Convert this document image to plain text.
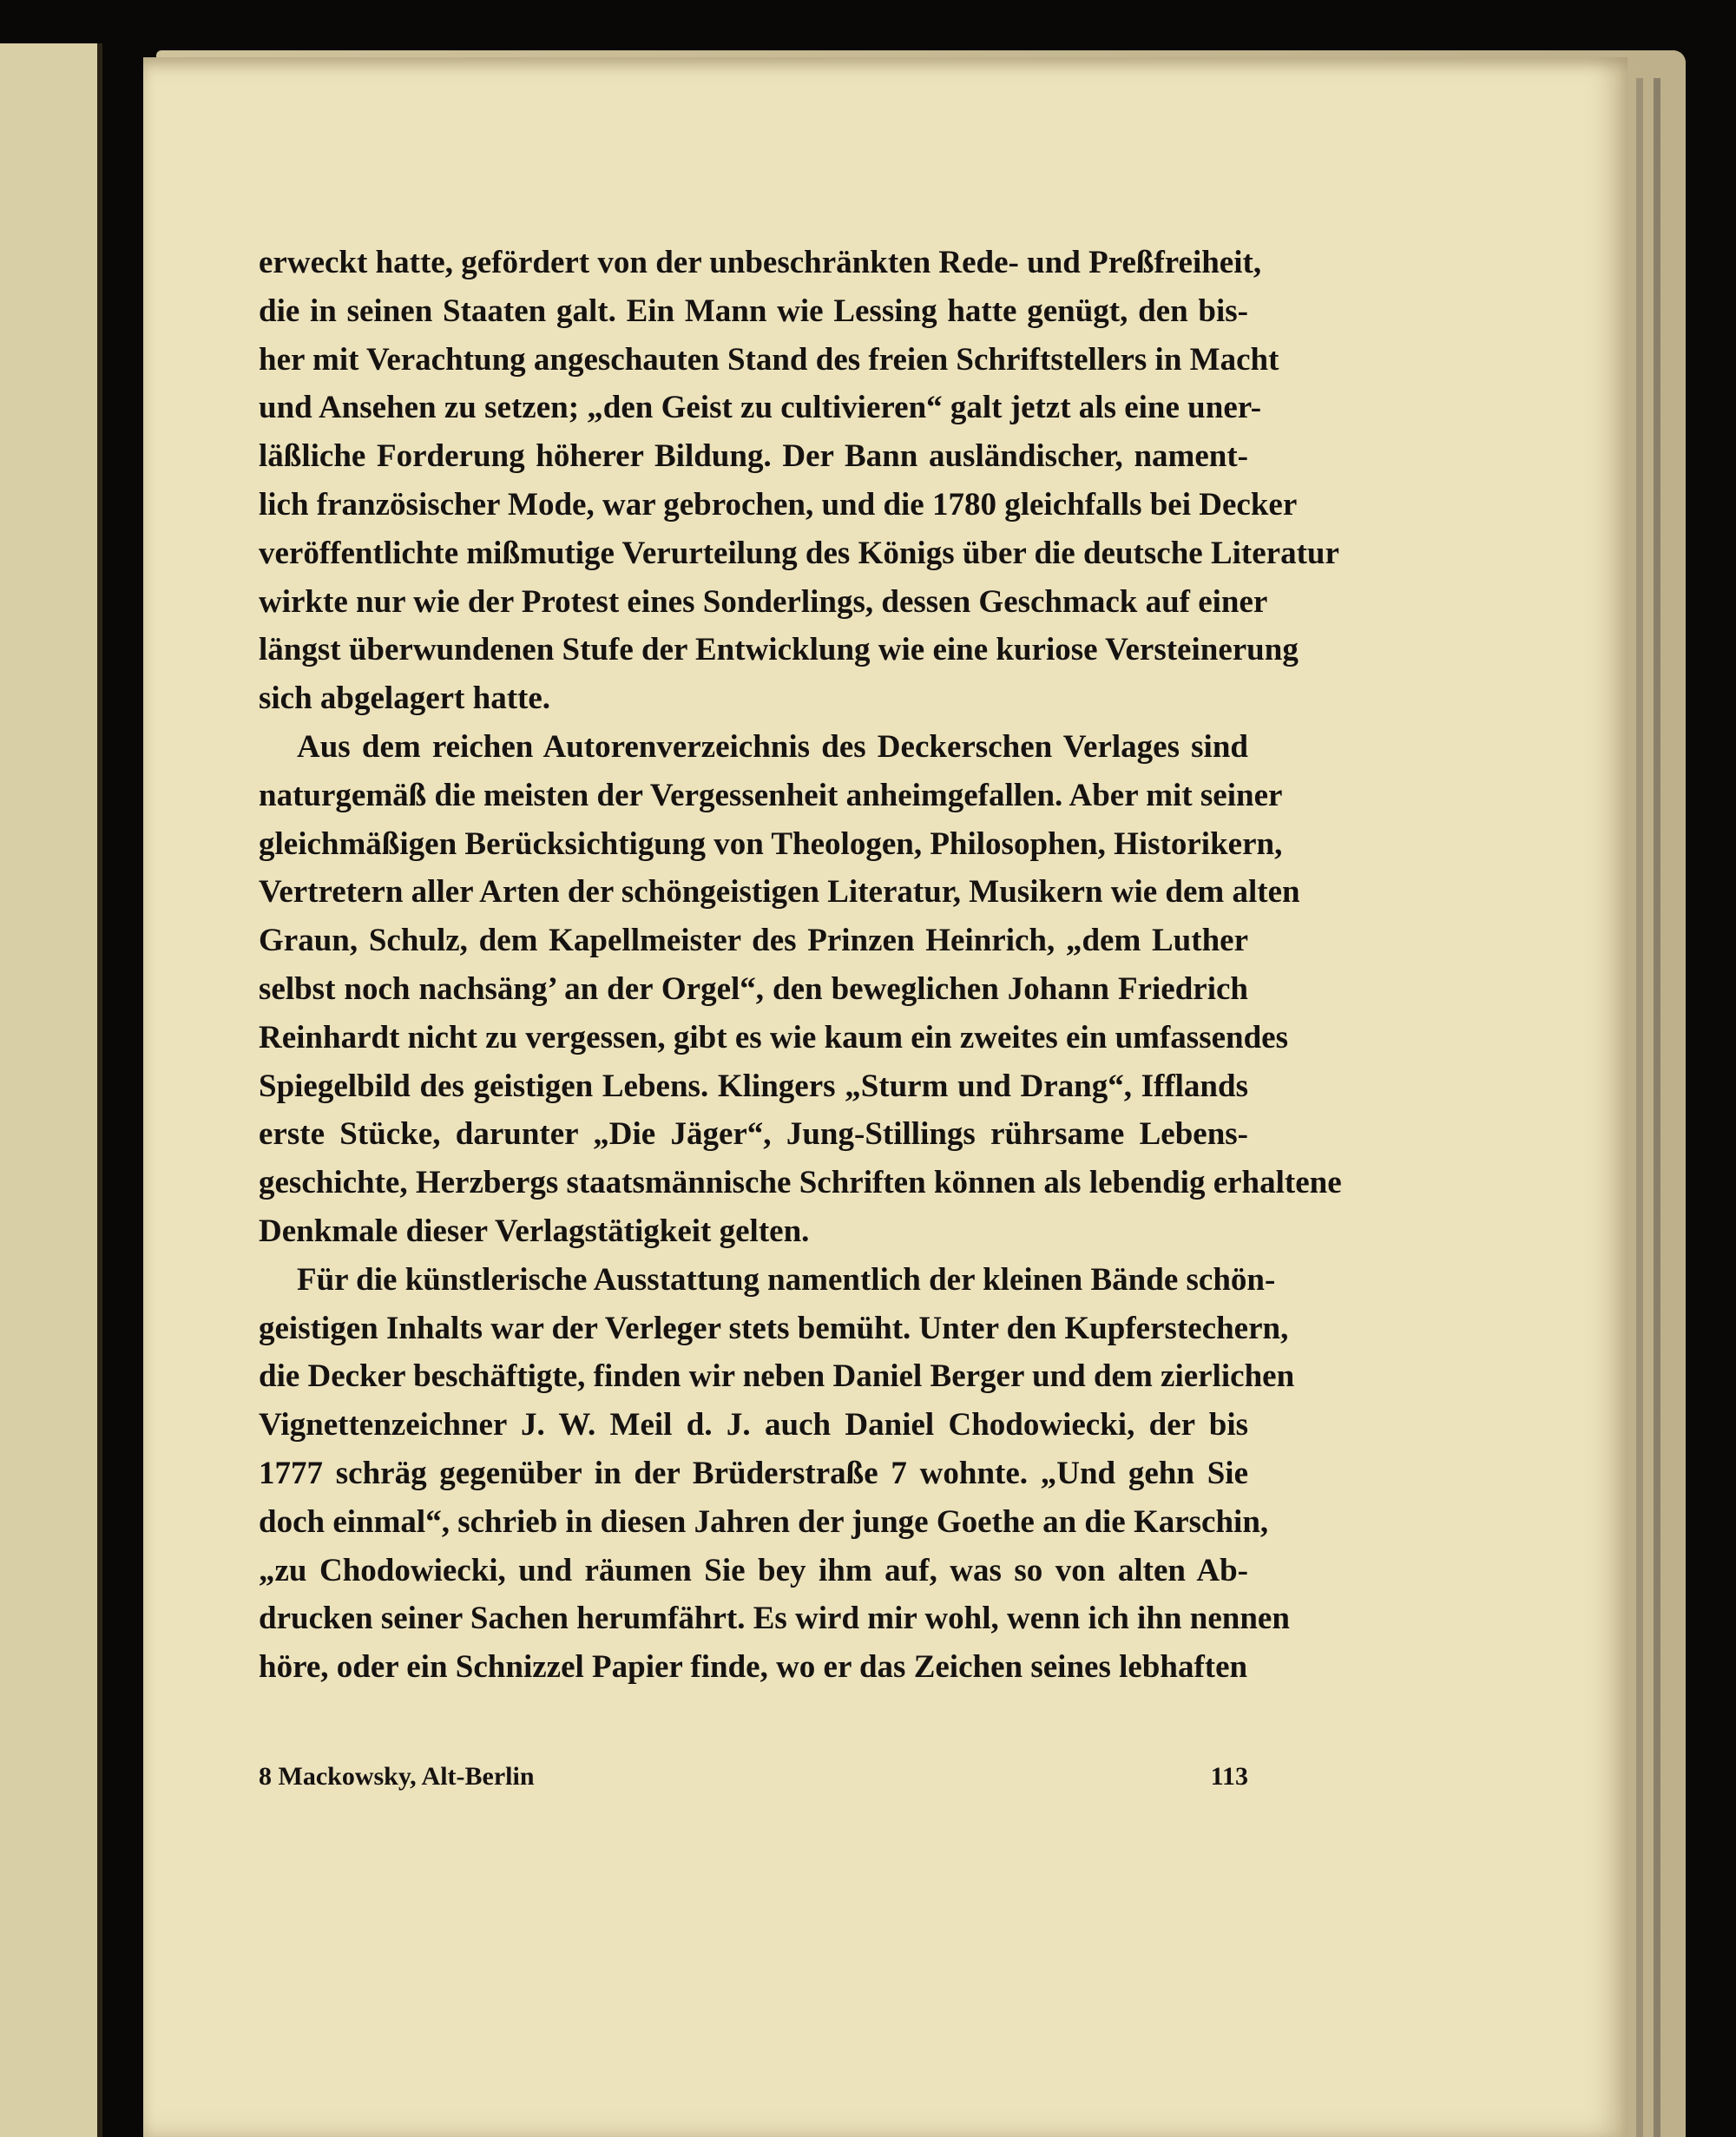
erweckt hatte, gefördert von der unbeschränkten Rede- und Preßfreiheit,
die in seinen Staaten galt. Ein Mann wie Lessing hatte genügt, den bis-
her mit Verachtung angeschauten Stand des freien Schriftstellers in Macht
und Ansehen zu setzen; „den Geist zu cultivieren“ galt jetzt als eine uner-
läßliche Forderung höherer Bildung. Der Bann ausländischer, nament-
lich französischer Mode, war gebrochen, und die 1780 gleichfalls bei Decker
veröffentlichte mißmutige Verurteilung des Königs über die deutsche Literatur
wirkte nur wie der Protest eines Sonderlings, dessen Geschmack auf einer
längst überwundenen Stufe der Entwicklung wie eine kuriose Versteinerung
sich abgelagert hatte.
Aus dem reichen Autorenverzeichnis des Deckerschen Verlages sind
naturgemäß die meisten der Vergessenheit anheimgefallen. Aber mit seiner
gleichmäßigen Berücksichtigung von Theologen, Philosophen, Historikern,
Vertretern aller Arten der schöngeistigen Literatur, Musikern wie dem alten
Graun, Schulz, dem Kapellmeister des Prinzen Heinrich, „dem Luther
selbst noch nachsäng’ an der Orgel“, den beweglichen Johann Friedrich
Reinhardt nicht zu vergessen, gibt es wie kaum ein zweites ein umfassendes
Spiegelbild des geistigen Lebens. Klingers „Sturm und Drang“, Ifflands
erste Stücke, darunter „Die Jäger“, Jung-Stillings rührsame Lebens-
geschichte, Herzbergs staatsmännische Schriften können als lebendig erhaltene
Denkmale dieser Verlagstätigkeit gelten.
Für die künstlerische Ausstattung namentlich der kleinen Bände schön-
geistigen Inhalts war der Verleger stets bemüht. Unter den Kupferstechern,
die Decker beschäftigte, finden wir neben Daniel Berger und dem zierlichen
Vignettenzeichner J. W. Meil d. J. auch Daniel Chodowiecki, der bis
1777 schräg gegenüber in der Brüderstraße 7 wohnte. „Und gehn Sie
doch einmal“, schrieb in diesen Jahren der junge Goethe an die Karschin,
„zu Chodowiecki, und räumen Sie bey ihm auf, was so von alten Ab-
drucken seiner Sachen herumfährt. Es wird mir wohl, wenn ich ihn nennen
höre, oder ein Schnizzel Papier finde, wo er das Zeichen seines lebhaften
8 Mackowsky, Alt-Berlin	113
